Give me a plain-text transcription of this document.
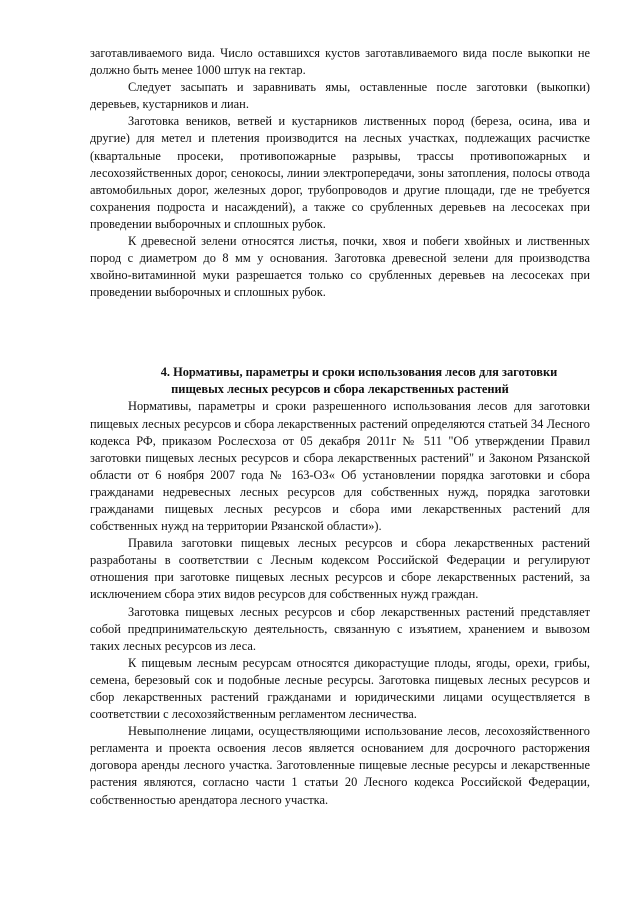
заготавливаемого вида. Число оставшихся кустов заготавливаемого вида после выкопки не должно быть менее 1000 штук на гектар.

Следует засыпать и заравнивать ямы, оставленные после заготовки (выкопки) деревьев, кустарников и лиан.

Заготовка веников, ветвей и кустарников лиственных пород (береза, осина, ива и другие) для метел и плетения производится на лесных участках, подлежащих расчистке (квартальные просеки, противопожарные разрывы, трассы противопожарных и лесохозяйственных дорог, сенокосы, линии электропередачи, зоны затопления, полосы отвода автомобильных дорог, железных дорог, трубопроводов и другие площади, где не требуется сохранения подроста и насаждений), а также со срубленных деревьев на лесосеках при проведении выборочных и сплошных рубок.

К древесной зелени относятся листья, почки, хвоя и побеги хвойных и лиственных пород с диаметром до 8 мм у основания. Заготовка древесной зелени для производства хвойно-витаминной муки разрешается только со срубленных деревьев на лесосеках при проведении выборочных и сплошных рубок.

4. Нормативы, параметры и сроки использования лесов для заготовки пищевых лесных ресурсов и сбора лекарственных растений

Нормативы, параметры и сроки разрешенного использования лесов для заготовки пищевых лесных ресурсов и сбора лекарственных растений определяются статьей 34 Лесного кодекса РФ, приказом Рослесхоза от 05 декабря 2011г № 511 "Об утверждении Правил заготовки пищевых лесных ресурсов и сбора лекарственных растений" и Законом Рязанской области от 6 ноября 2007 года № 163-ОЗ« Об установлении порядка заготовки и сбора гражданами недревесных лесных ресурсов для собственных нужд, порядка заготовки гражданами пищевых лесных ресурсов и сбора ими лекарственных растений для собственных нужд на территории Рязанской области»).

Правила заготовки пищевых лесных ресурсов и сбора лекарственных растений разработаны в соответствии с Лесным кодексом Российской Федерации и регулируют отношения при заготовке пищевых лесных ресурсов и сборе лекарственных растений, за исключением сбора этих видов ресурсов для собственных нужд граждан.

Заготовка пищевых лесных ресурсов и сбор лекарственных растений представляет собой предпринимательскую деятельность, связанную с изъятием, хранением и вывозом таких лесных ресурсов из леса.

К пищевым лесным ресурсам относятся дикорастущие плоды, ягоды, орехи, грибы, семена, березовый сок и подобные лесные ресурсы. Заготовка пищевых лесных ресурсов и сбор лекарственных растений гражданами и юридическими лицами осуществляется в соответствии с лесохозяйственным регламентом лесничества.

Невыполнение лицами, осуществляющими использование лесов, лесохозяйственного регламента и проекта освоения лесов является основанием для досрочного расторжения договора аренды лесного участка. Заготовленные пищевые лесные ресурсы и лекарственные растения являются, согласно части 1 статьи 20 Лесного кодекса Российской Федерации, собственностью арендатора лесного участка.
